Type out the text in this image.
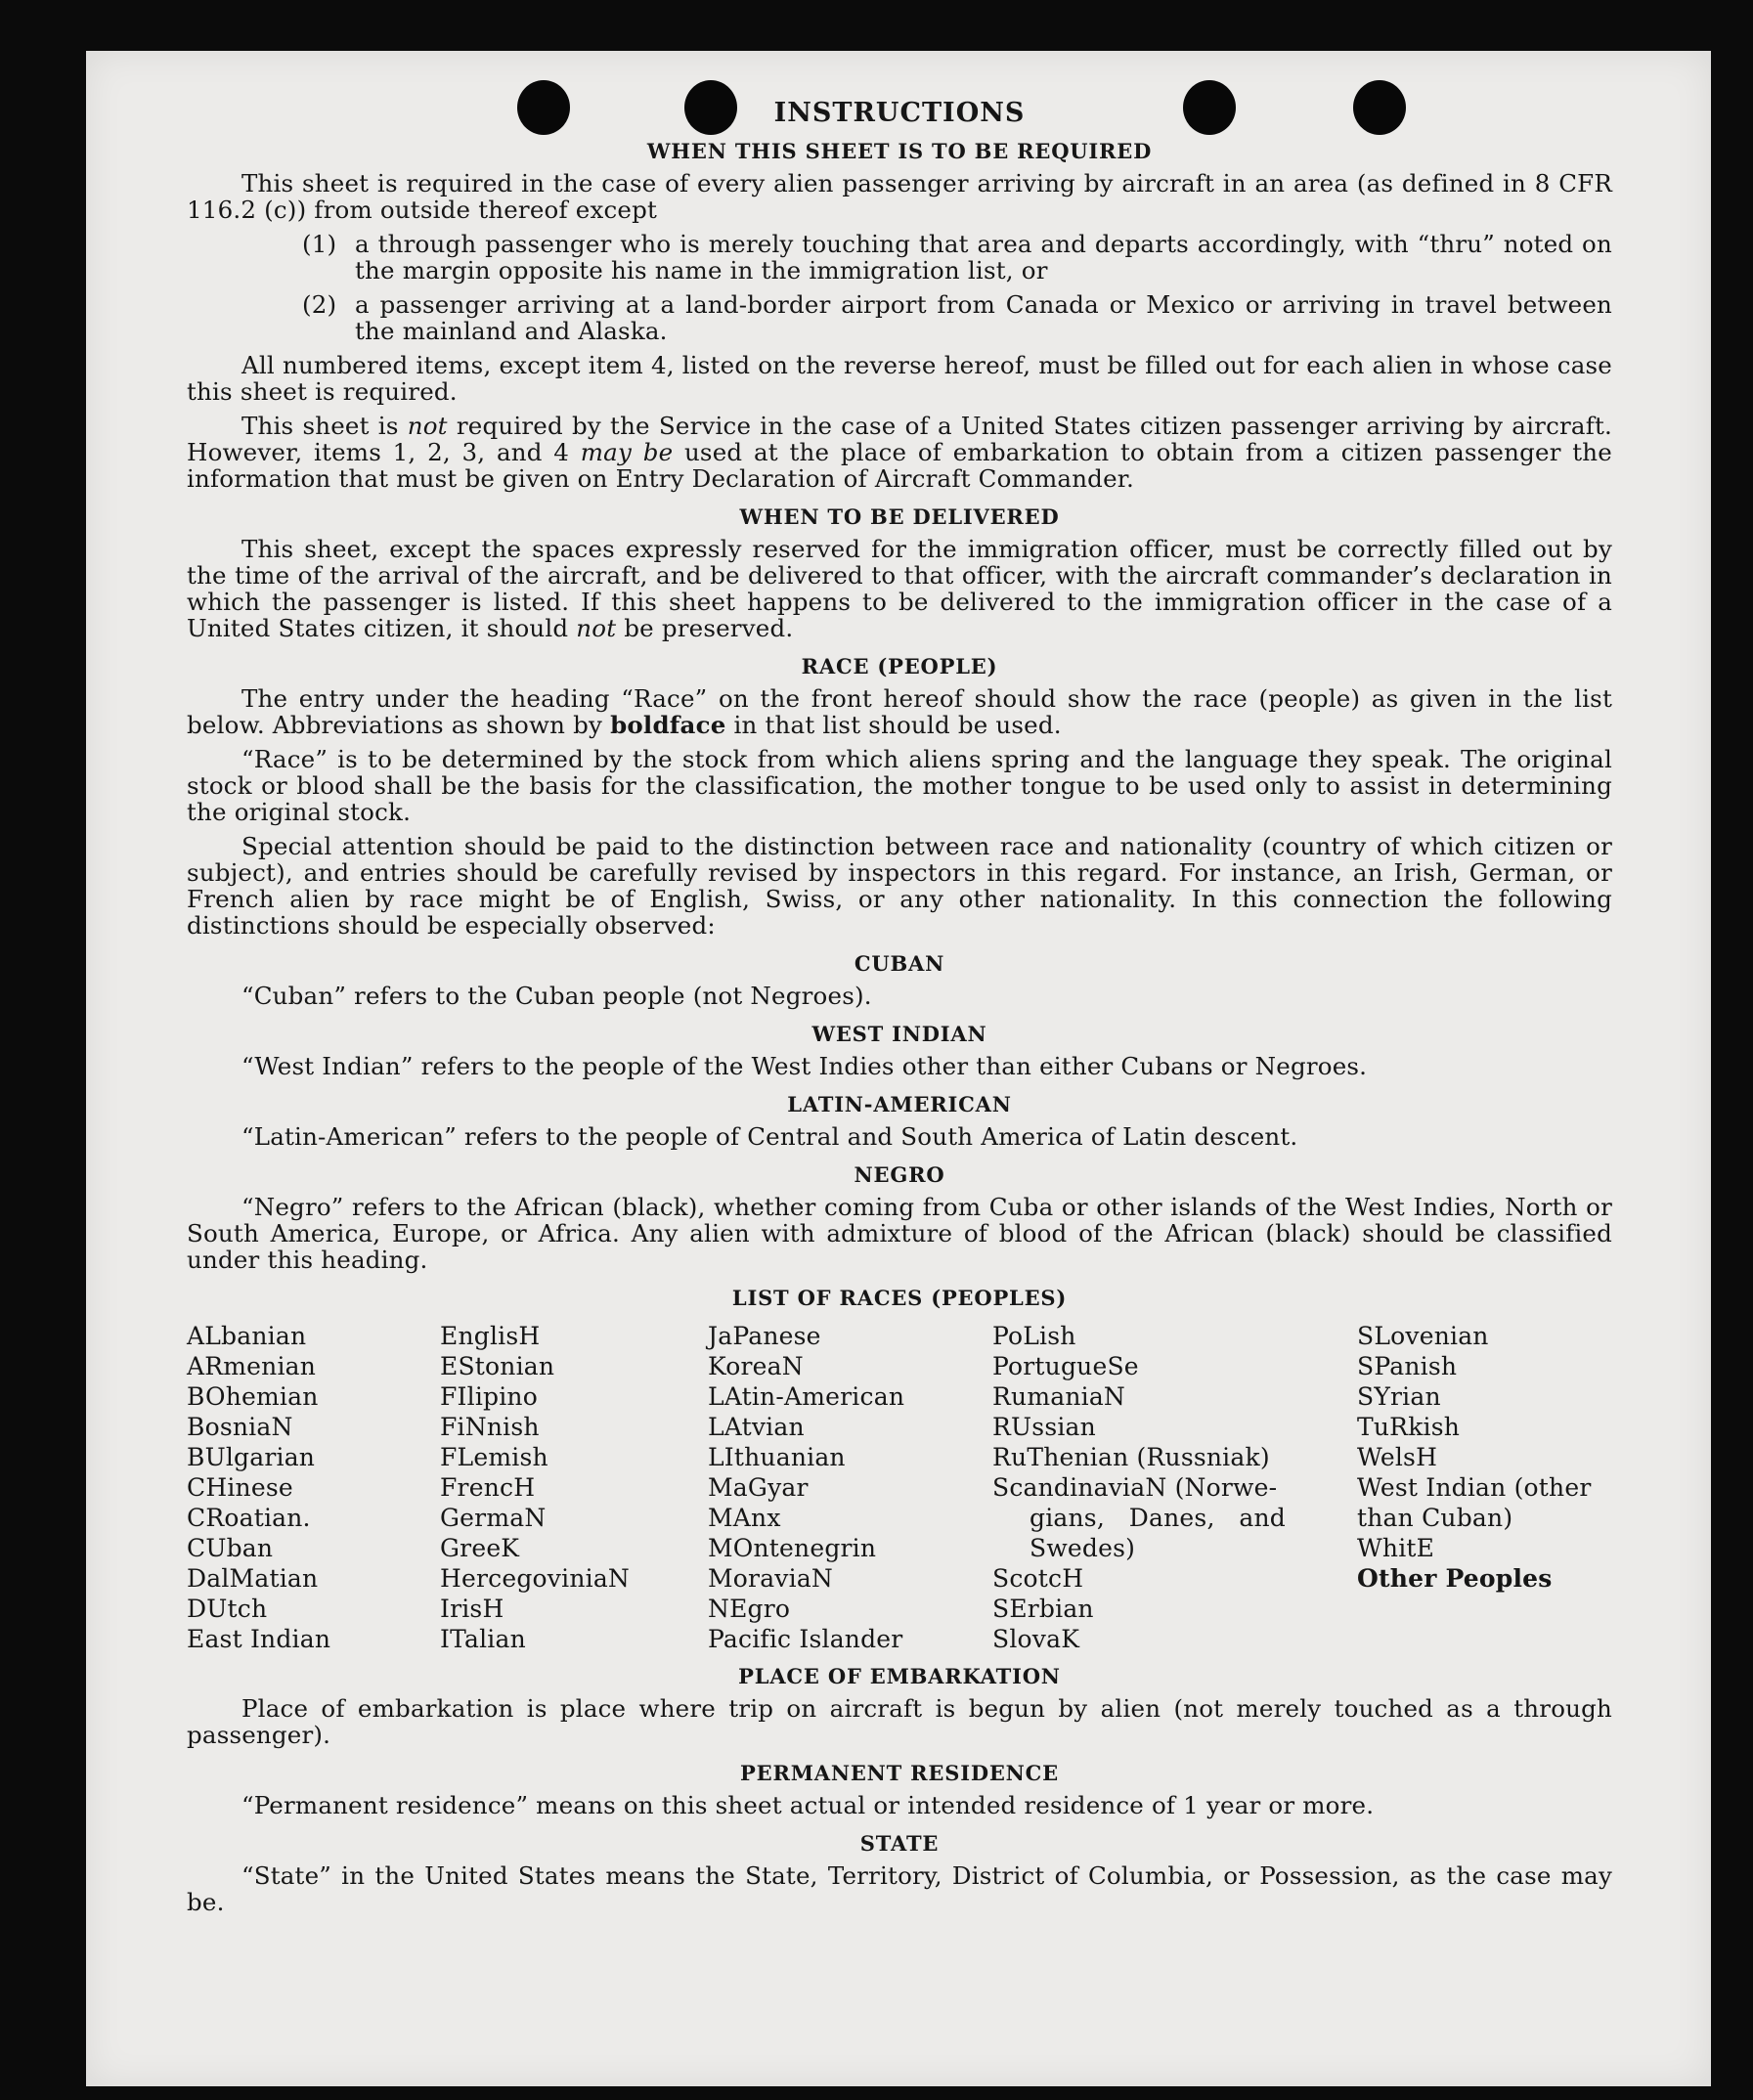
INSTRUCTIONS
WHEN THIS SHEET IS TO BE REQUIRED
This sheet is required in the case of every alien passenger arriving by aircraft in an area (as defined in 8 CFR 116.2 (c)) from outside thereof except
(1) a through passenger who is merely touching that area and departs accordingly, with “thru” noted on the margin opposite his name in the immigration list, or
(2) a passenger arriving at a land-border airport from Canada or Mexico or arriving in travel between the mainland and Alaska.
All numbered items, except item 4, listed on the reverse hereof, must be filled out for each alien in whose case this sheet is required.
This sheet is not required by the Service in the case of a United States citizen passenger arriving by aircraft. However, items 1, 2, 3, and 4 may be used at the place of embarkation to obtain from a citizen passenger the information that must be given on Entry Declaration of Aircraft Commander.
WHEN TO BE DELIVERED
This sheet, except the spaces expressly reserved for the immigration officer, must be correctly filled out by the time of the arrival of the aircraft, and be delivered to that officer, with the aircraft commander’s declaration in which the passenger is listed. If this sheet happens to be delivered to the immigration officer in the case of a United States citizen, it should not be preserved.
RACE (PEOPLE)
The entry under the heading “Race” on the front hereof should show the race (people) as given in the list below. Abbreviations as shown by boldface in that list should be used.
“Race” is to be determined by the stock from which aliens spring and the language they speak. The original stock or blood shall be the basis for the classification, the mother tongue to be used only to assist in determining the original stock.
Special attention should be paid to the distinction between race and nationality (country of which citizen or subject), and entries should be carefully revised by inspectors in this regard. For instance, an Irish, German, or French alien by race might be of English, Swiss, or any other nationality. In this connection the following distinctions should be especially observed:
CUBAN
“Cuban” refers to the Cuban people (not Negroes).
WEST INDIAN
“West Indian” refers to the people of the West Indies other than either Cubans or Negroes.
LATIN-AMERICAN
“Latin-American” refers to the people of Central and South America of Latin descent.
NEGRO
“Negro” refers to the African (black), whether coming from Cuba or other islands of the West Indies, North or South America, Europe, or Africa. Any alien with admixture of blood of the African (black) should be classified under this heading.
LIST OF RACES (PEOPLES)
ALbanian
ARmenian
BOhemian
BosniaN
BUlgarian
CHinese
CRoatian.
CUban
DalMatian
DUtch
East Indian
EnglisH
EStonian
FIlipino
FiNnish
FLemish
FrencH
GermaN
GreeK
HercegoviniaN
IrisH
ITalian
JaPanese
KoreaN
LAtin-American
LAtvian
LIthuanian
MaGyar
MAnx
MOntenegrin
MoraviaN
NEgro
Pacific Islander
PoLish
PortugueSe
RumaniaN
RUssian
RuThenian (Russniak)
ScandinaviaN (Norwe-
gians, Danes, and
Swedes)
ScotcH
SErbian
SlovaK
SLovenian
SPanish
SYrian
TuRkish
WelsH
West Indian (other
than Cuban)
WhitE
Other Peoples
PLACE OF EMBARKATION
Place of embarkation is place where trip on aircraft is begun by alien (not merely touched as a through passenger).
PERMANENT RESIDENCE
“Permanent residence” means on this sheet actual or intended residence of 1 year or more.
STATE
“State” in the United States means the State, Territory, District of Columbia, or Possession, as the case may be.
